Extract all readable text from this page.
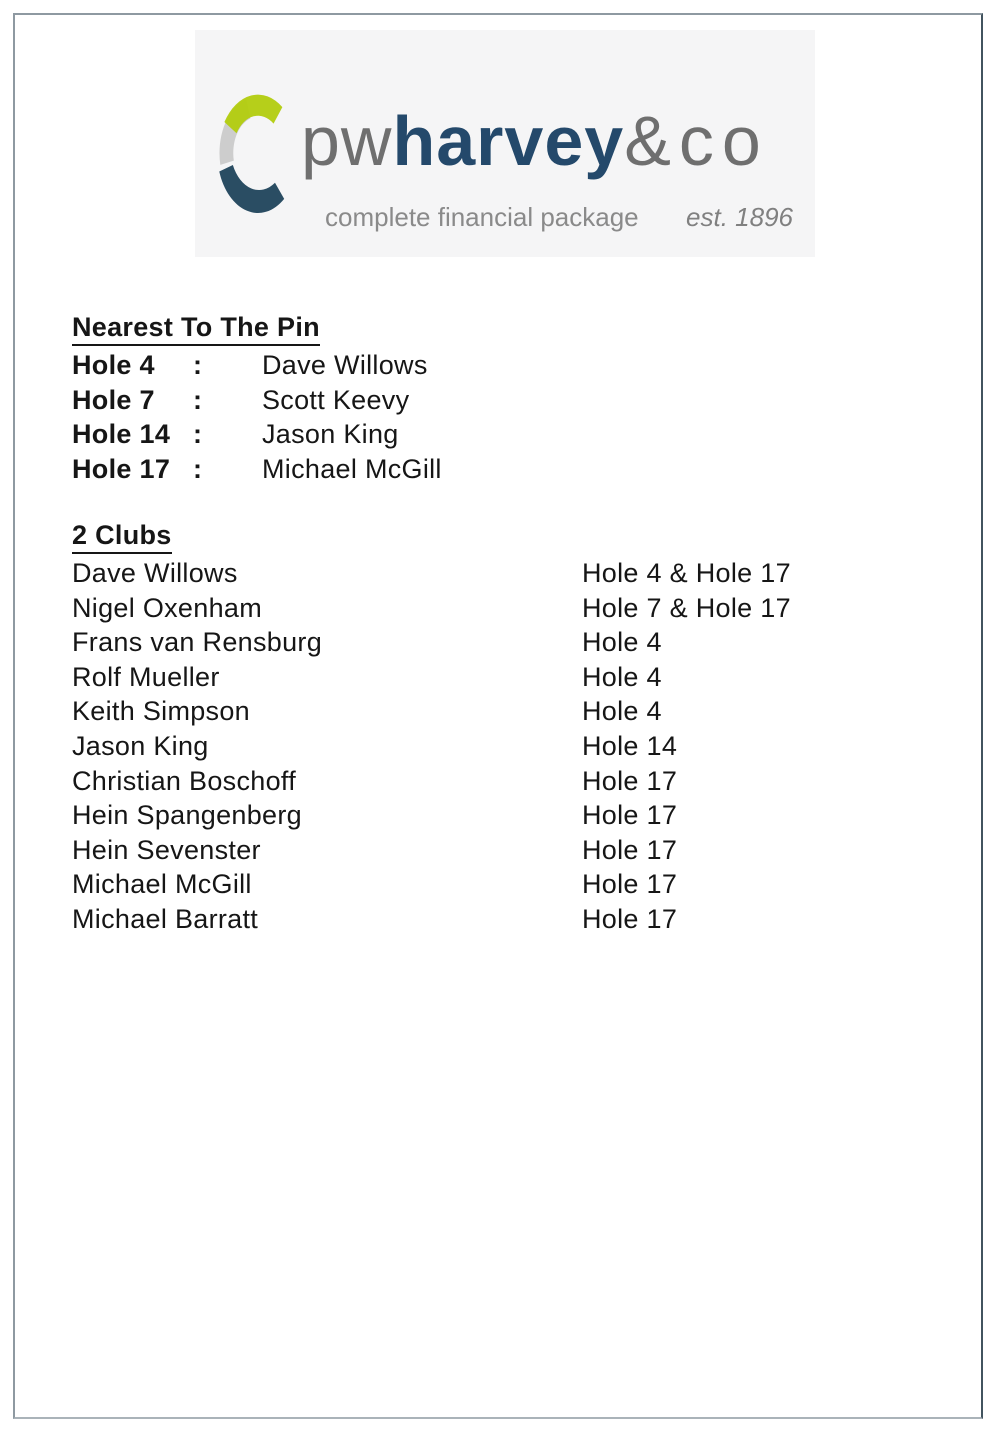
pwharvey&co
complete financial package est. 1896
Nearest To The Pin
Hole 4	:	Dave Willows
Hole 7	:	Scott Keevy
Hole 14 :	Jason King
Hole 17 :	Michael McGill
2 Clubs
Dave Willows	Hole 4 & Hole 17
Nigel Oxenham	Hole 7 & Hole 17
Frans van Rensburg	Hole 4
Rolf Mueller	Hole 4
Keith Simpson	Hole 4
Jason King	Hole 14
Christian Boschoff	Hole 17
Hein Spangenberg	Hole 17
Hein Sevenster	Hole 17
Michael McGill	Hole 17
Michael Barratt	Hole 17
